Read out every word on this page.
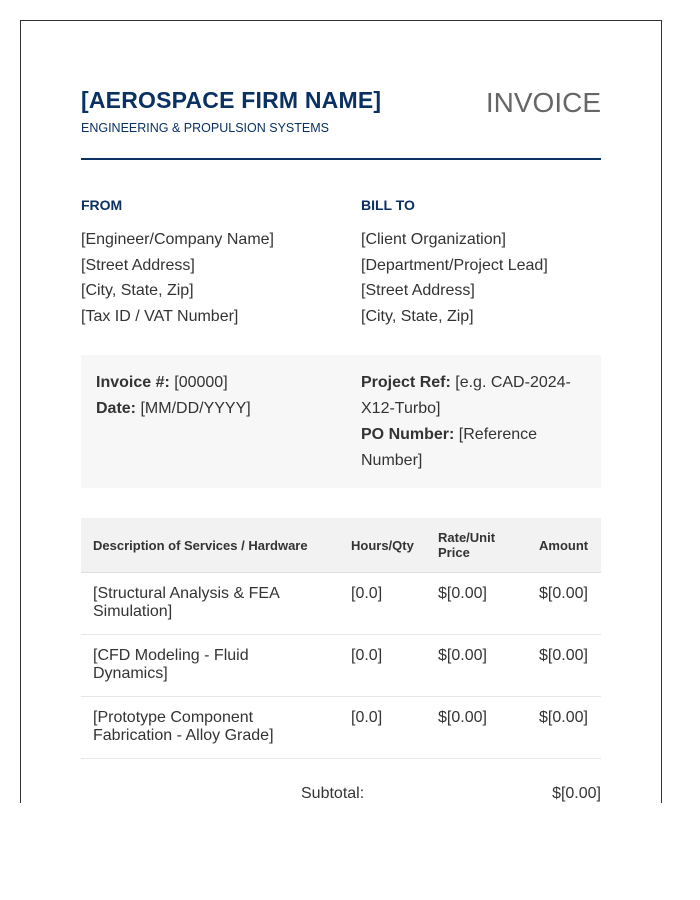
[AEROSPACE FIRM NAME]
ENGINEERING & PROPULSION SYSTEMS
INVOICE
FROM
[Engineer/Company Name]
[Street Address]
[City, State, Zip]
[Tax ID / VAT Number]
BILL TO
[Client Organization]
[Department/Project Lead]
[Street Address]
[City, State, Zip]
Invoice #: [00000]
Date: [MM/DD/YYYY]
Project Ref: [e.g. CAD-2024-X12-Turbo]
PO Number: [Reference Number]
Description of Services / Hardware	Hours/Qty	Rate/Unit Price	Amount
[Structural Analysis & FEA Simulation]	[0.0]	$[0.00]	$[0.00]
[CFD Modeling - Fluid Dynamics]	[0.0]	$[0.00]	$[0.00]
[Prototype Component Fabrication - Alloy Grade]	[0.0]	$[0.00]	$[0.00]
Subtotal:	$[0.00]
